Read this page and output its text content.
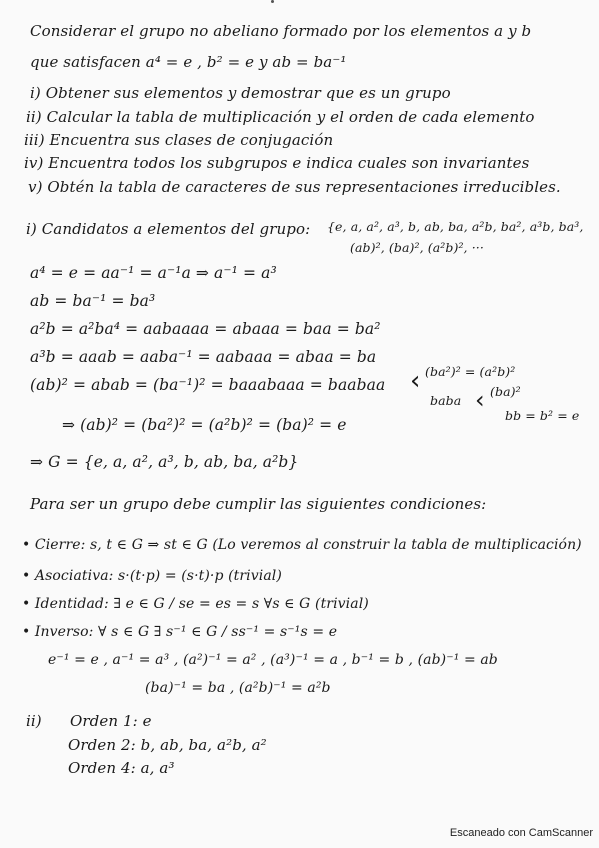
Considerar el grupo no abeliano formado por los elementos a y b
que satisfacen a⁴ = e , b² = e y ab = ba⁻¹
i) Obtener sus elementos y demostrar que es un grupo
ii) Calcular la tabla de multiplicación y el orden de cada elemento
iii) Encuentra sus clases de conjugación
iv) Encuentra todos los subgrupos e indica cuales son invariantes
v) Obtén la tabla de caracteres de sus representaciones irreducibles.
i) Candidatos a elementos del grupo: {e, a, a², a³, b, ab, ba, a²b, ba², a³b, ba³,
(ab)², (ba)², (a²b)², ···
a⁴ = e = aa⁻¹ = a⁻¹a ⇒ a⁻¹ = a³
ab = ba⁻¹ = ba³
a²b = a²ba⁴ = aabaaaa = abaaa = baa = ba²
a³b = aaab = aaba⁻¹ = aabaaa = abaa = ba
(ab)² = abab = (ba⁻¹)² = baaabaaa = baabaa ‹ (ba²)² = (a²b)²
baba ‹ (ba)²
bb = b² = e
⇒ (ab)² = (ba²)² = (a²b)² = (ba)² = e
⇒ G = {e, a, a², a³, b, ab, ba, a²b}
Para ser un grupo debe cumplir las siguientes condiciones:
• Cierre: s, t ∈ G ⇒ st ∈ G (Lo veremos al construir la tabla de multiplicación)
• Asociativa: s·(t·p) = (s·t)·p (trivial)
• Identidad: ∃ e ∈ G / se = es = s ∀s ∈ G (trivial)
• Inverso: ∀ s ∈ G ∃ s⁻¹ ∈ G / ss⁻¹ = s⁻¹s = e
e⁻¹ = e , a⁻¹ = a³ , (a²)⁻¹ = a² , (a³)⁻¹ = a , b⁻¹ = b , (ab)⁻¹ = ab
(ba)⁻¹ = ba , (a²b)⁻¹ = a²b
ii) Orden 1: e
Orden 2: b, ab, ba, a²b, a²
Orden 4: a, a³
Escaneado con CamScanner
